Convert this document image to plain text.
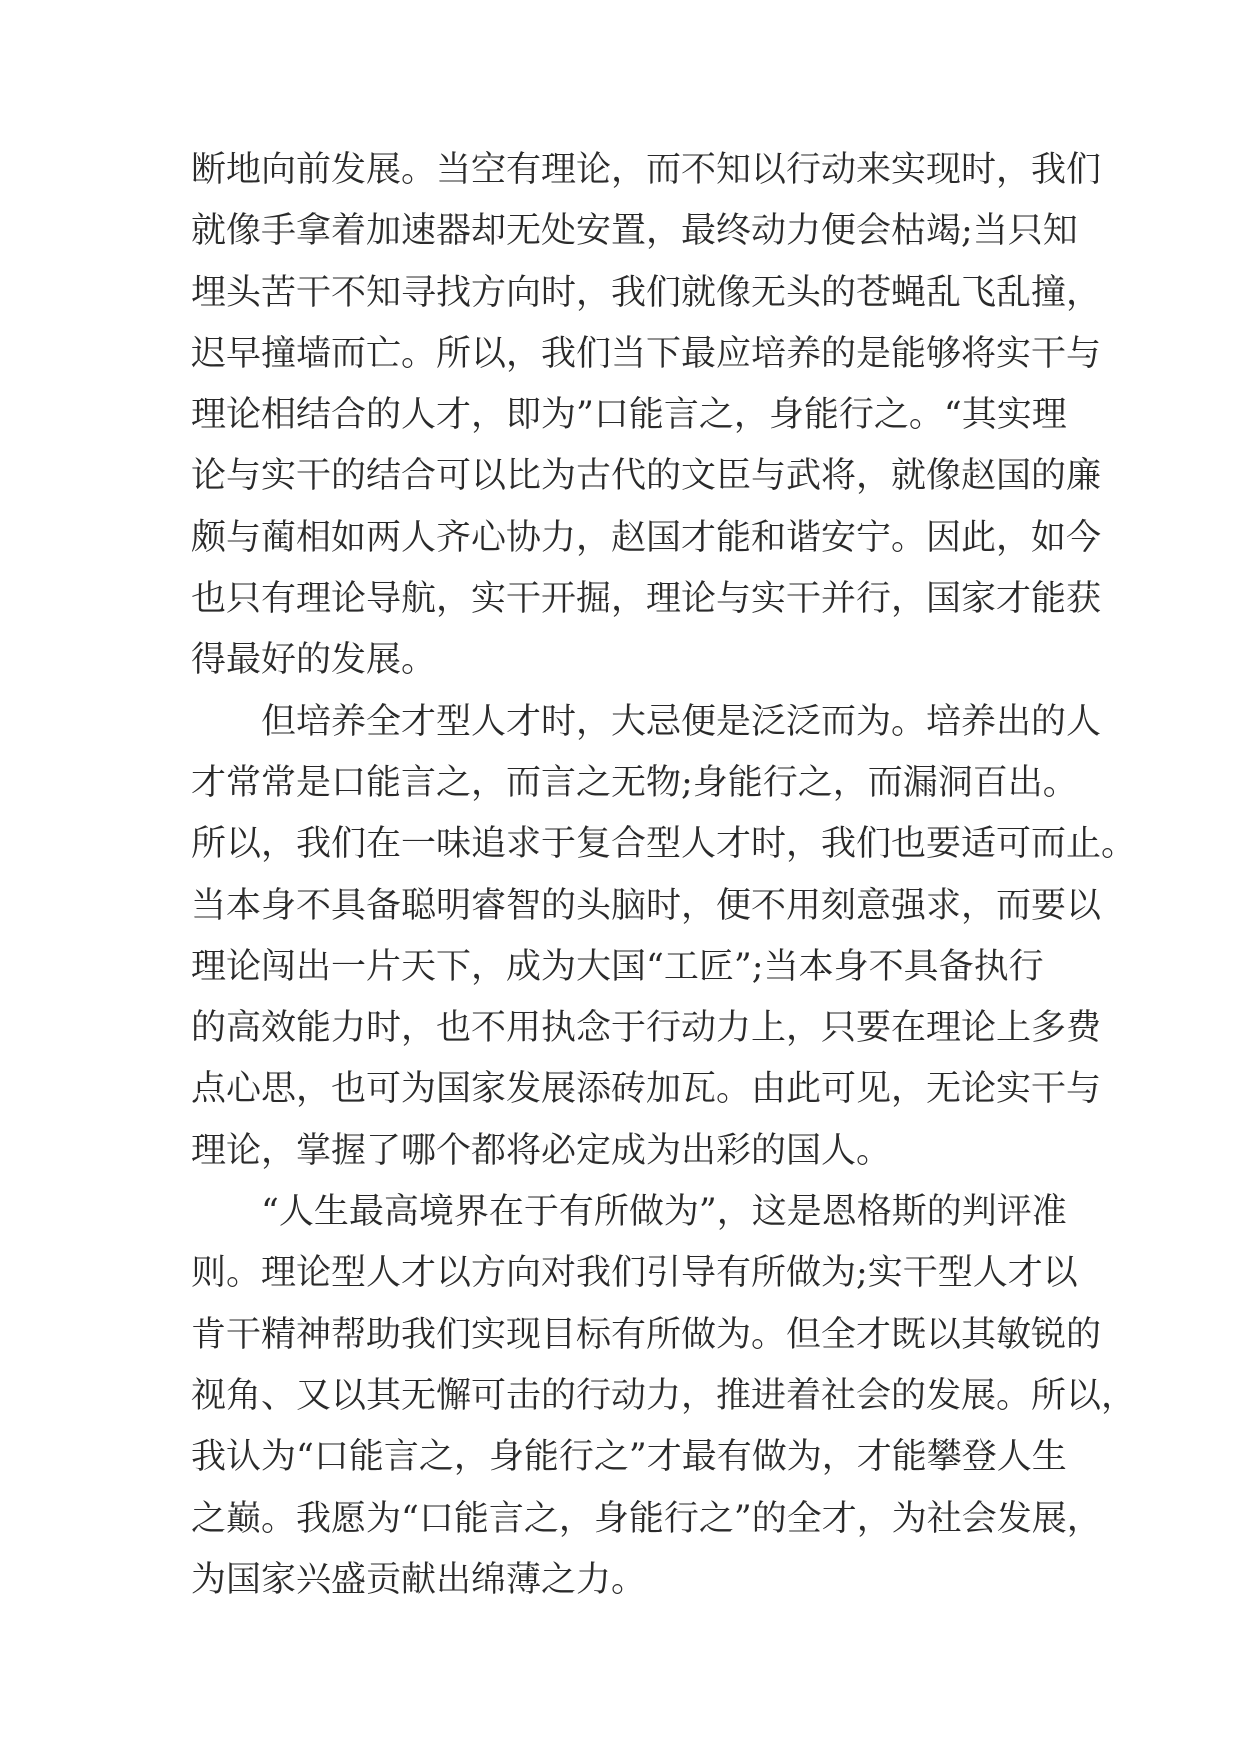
断地向前发展。当空有理论，而不知以行动来实现时，我们
就像手拿着加速器却无处安置，最终动力便会枯竭;当只知
埋头苦干不知寻找方向时，我们就像无头的苍蝇乱飞乱撞，
迟早撞墙而亡。所以，我们当下最应培养的是能够将实干与
理论相结合的人才，即为”口能言之，身能行之。“其实理
论与实干的结合可以比为古代的文臣与武将，就像赵国的廉
颇与蔺相如两人齐心协力，赵国才能和谐安宁。因此，如今
也只有理论导航，实干开掘，理论与实干并行，国家才能获
得最好的发展。
但培养全才型人才时，大忌便是泛泛而为。培养出的人
才常常是口能言之，而言之无物;身能行之，而漏洞百出。
所以，我们在一味追求于复合型人才时，我们也要适可而止。
当本身不具备聪明睿智的头脑时，便不用刻意强求，而要以
理论闯出一片天下，成为大国“工匠”;当本身不具备执行
的高效能力时，也不用执念于行动力上，只要在理论上多费
点心思，也可为国家发展添砖加瓦。由此可见，无论实干与
理论，掌握了哪个都将必定成为出彩的国人。
“人生最高境界在于有所做为”，这是恩格斯的判评准
则。理论型人才以方向对我们引导有所做为;实干型人才以
肯干精神帮助我们实现目标有所做为。但全才既以其敏锐的
视角、又以其无懈可击的行动力，推进着社会的发展。所以，
我认为“口能言之，身能行之”才最有做为，才能攀登人生
之巅。我愿为“口能言之，身能行之”的全才，为社会发展，
为国家兴盛贡献出绵薄之力。
